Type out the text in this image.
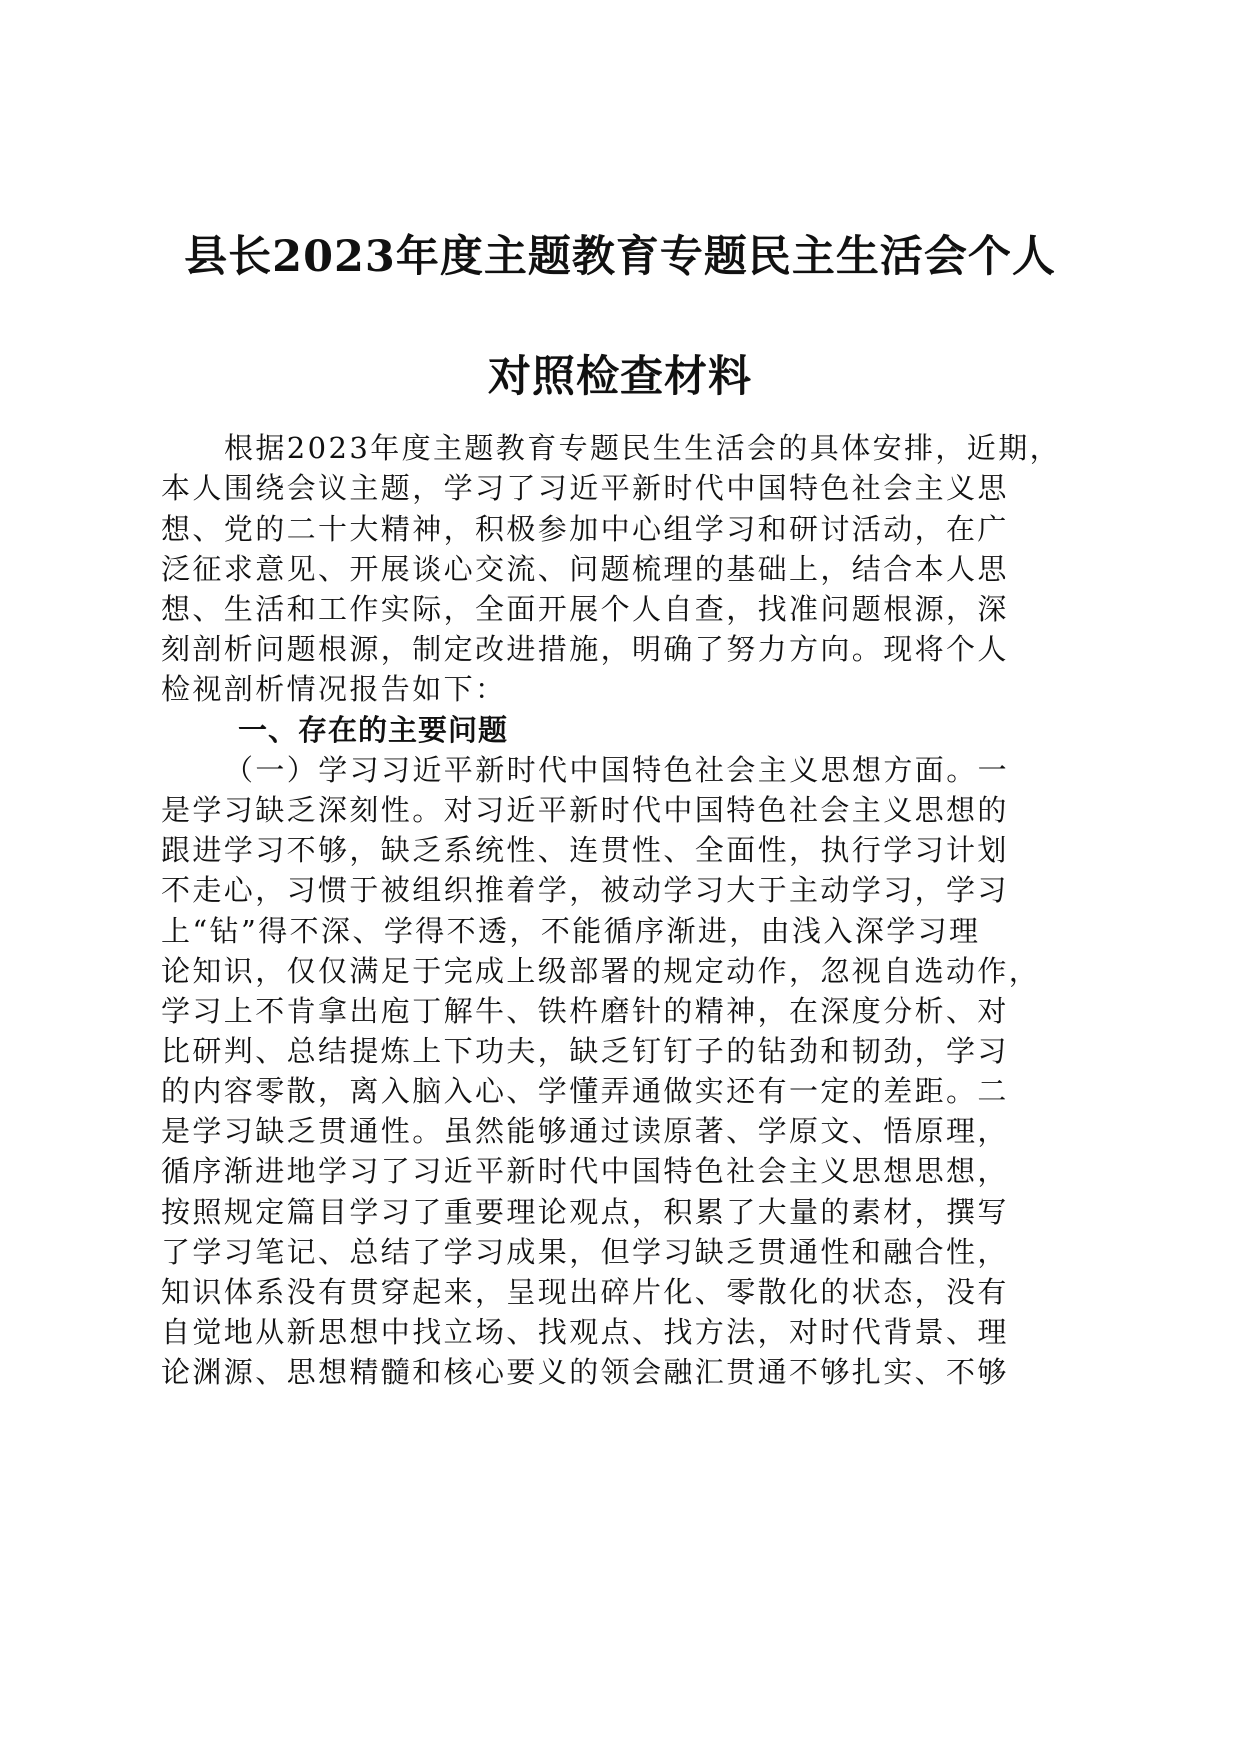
县长2023年度主题教育专题民主生活会个人
对照检查材料

根据2023年度主题教育专题民生生活会的具体安排，近期，

本人围绕会议主题，学习了习近平新时代中国特色社会主义思

想、党的二十大精神，积极参加中心组学习和研讨活动，在广

泛征求意见、开展谈心交流、问题梳理的基础上，结合本人思

想、生活和工作实际，全面开展个人自查，找准问题根源，深

刻剖析问题根源，制定改进措施，明确了努力方向。现将个人

检视剖析情况报告如下：

一、存在的主要问题

（一）学习习近平新时代中国特色社会主义思想方面。一

是学习缺乏深刻性。对习近平新时代中国特色社会主义思想的

跟进学习不够，缺乏系统性、连贯性、全面性，执行学习计划

不走心，习惯于被组织推着学，被动学习大于主动学习，学习

上“钻”得不深、学得不透，不能循序渐进，由浅入深学习理

论知识，仅仅满足于完成上级部署的规定动作，忽视自选动作，

学习上不肯拿出庖丁解牛、铁杵磨针的精神，在深度分析、对

比研判、总结提炼上下功夫，缺乏钉钉子的钻劲和韧劲，学习

的内容零散，离入脑入心、学懂弄通做实还有一定的差距。二

是学习缺乏贯通性。虽然能够通过读原著、学原文、悟原理，

循序渐进地学习了习近平新时代中国特色社会主义思想思想，

按照规定篇目学习了重要理论观点，积累了大量的素材，撰写

了学习笔记、总结了学习成果，但学习缺乏贯通性和融合性，

知识体系没有贯穿起来，呈现出碎片化、零散化的状态，没有

自觉地从新思想中找立场、找观点、找方法，对时代背景、理

论渊源、思想精髓和核心要义的领会融汇贯通不够扎实、不够
